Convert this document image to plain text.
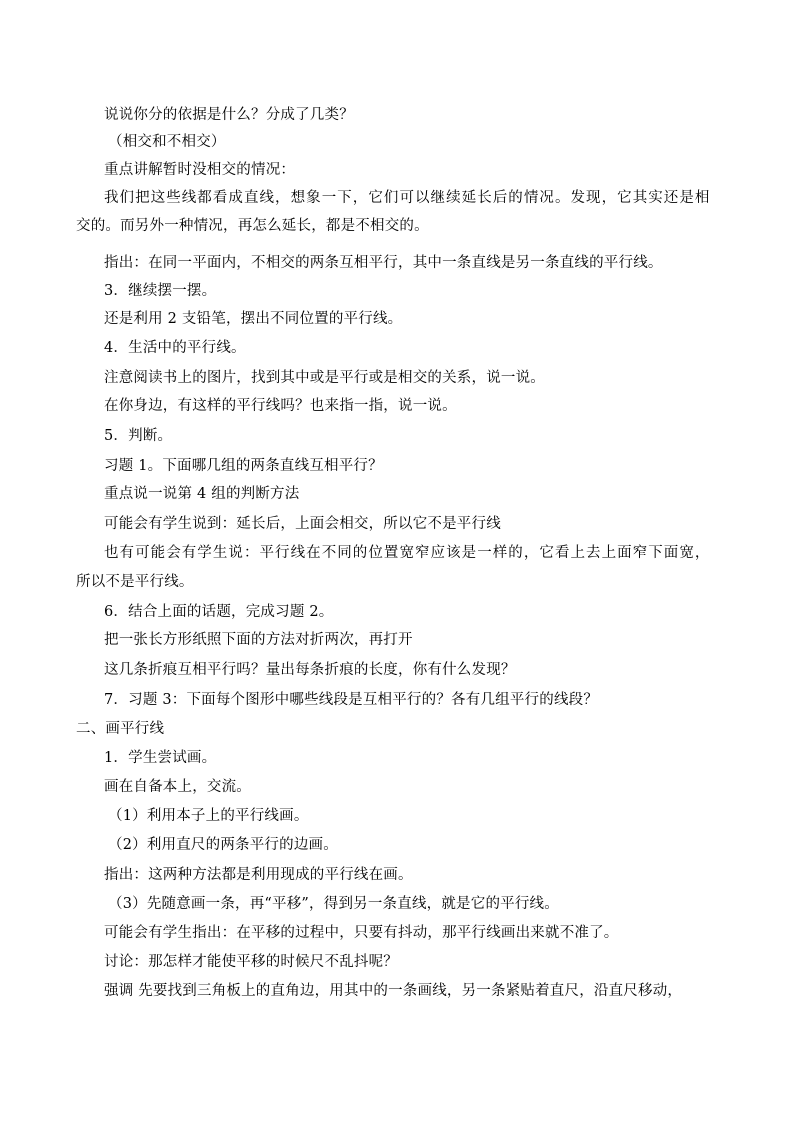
说说你分的依据是什么？分成了几类？
（相交和不相交）
重点讲解暂时没相交的情况：
我们把这些线都看成直线，想象一下，它们可以继续延长后的情况。发现，它其实还是相
交的。而另外一种情况，再怎么延长，都是不相交的。
指出：在同一平面内，不相交的两条互相平行，其中一条直线是另一条直线的平行线。
3．继续摆一摆。
还是利用 2 支铅笔，摆出不同位置的平行线。
4．生活中的平行线。
注意阅读书上的图片，找到其中或是平行或是相交的关系，说一说。
在你身边，有这样的平行线吗？也来指一指，说一说。
5．判断。
习题 1。下面哪几组的两条直线互相平行？
重点说一说第 4 组的判断方法
可能会有学生说到：延长后，上面会相交，所以它不是平行线
也有可能会有学生说：平行线在不同的位置宽窄应该是一样的，它看上去上面窄下面宽，
所以不是平行线。
6．结合上面的话题，完成习题 2。
把一张长方形纸照下面的方法对折两次，再打开
这几条折痕互相平行吗？量出每条折痕的长度，你有什么发现？
7．习题 3：下面每个图形中哪些线段是互相平行的？各有几组平行的线段？
二、画平行线
1．学生尝试画。
画在自备本上，交流。
（1）利用本子上的平行线画。
（2）利用直尺的两条平行的边画。
指出：这两种方法都是利用现成的平行线在画。
（3）先随意画一条，再“平移”，得到另一条直线，就是它的平行线。
可能会有学生指出：在平移的过程中，只要有抖动，那平行线画出来就不准了。
讨论：那怎样才能使平移的时候尺不乱抖呢？
强调 先要找到三角板上的直角边，用其中的一条画线，另一条紧贴着直尺，沿直尺移动，
